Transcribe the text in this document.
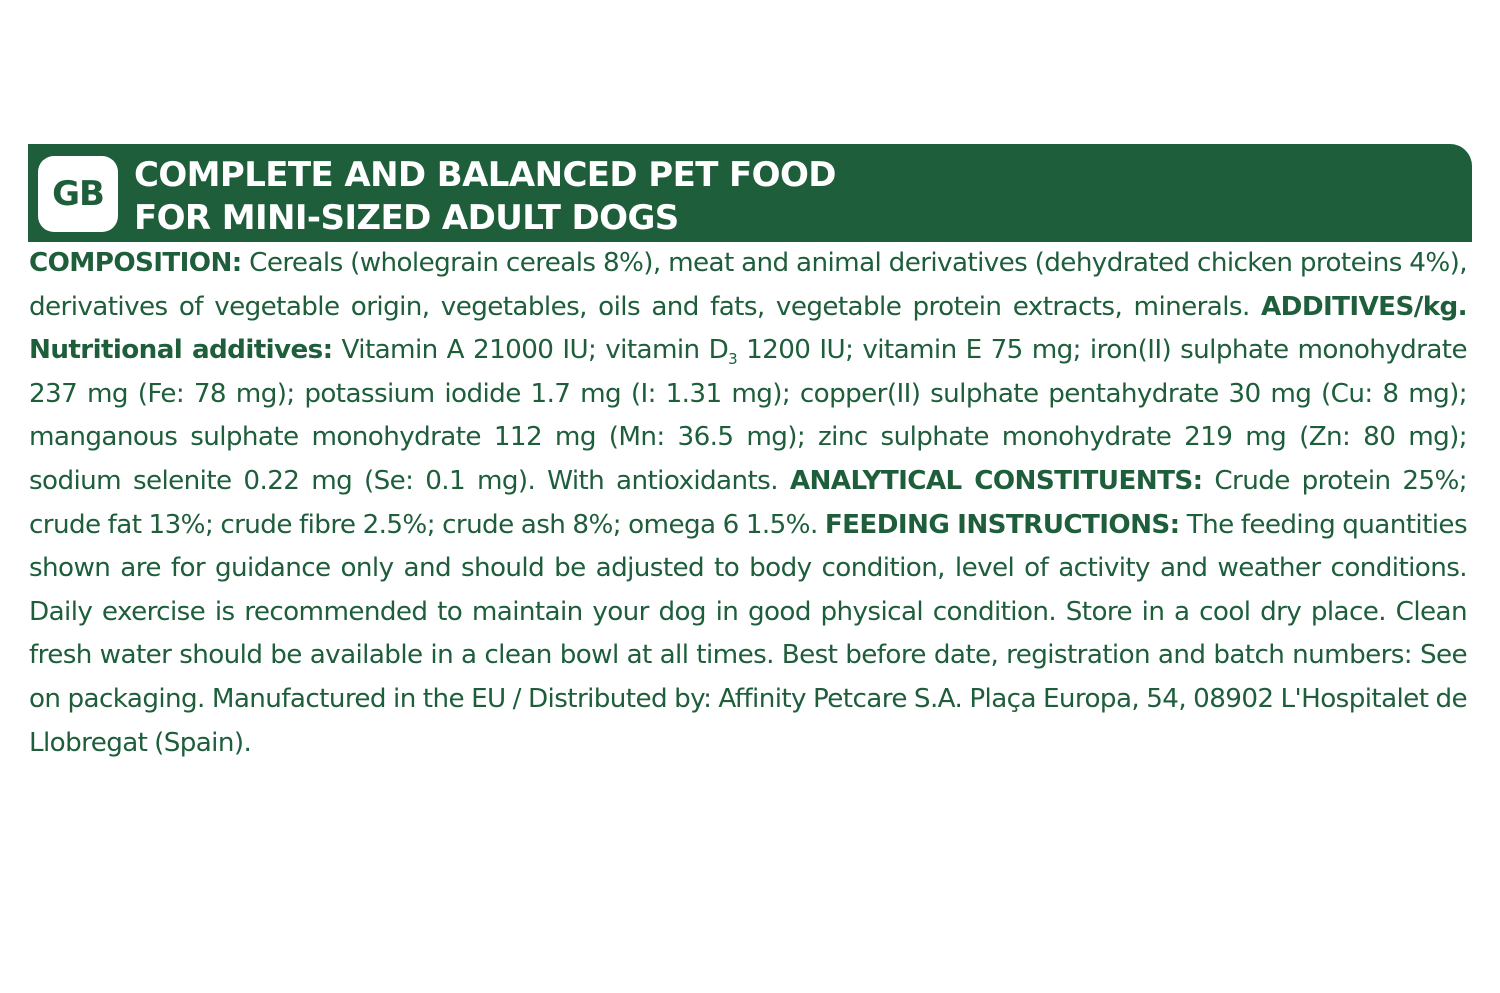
GB COMPLETE AND BALANCED PET FOOD
FOR MINI-SIZED ADULT DOGS
COMPOSITION: Cereals (wholegrain cereals 8%), meat and animal derivatives (dehydrated chicken proteins 4%), derivatives of vegetable origin, vegetables, oils and fats, vegetable protein extracts, minerals. ADDITIVES/kg. Nutritional additives: Vitamin A 21000 IU; vitamin $D_3$ 1200 IU; vitamin E 75 mg; iron(II) sulphate monohydrate 237 mg (Fe: 78 mg); potassium iodide 1.7 mg (I: 1.31 mg); copper(II) sulphate pentahydrate 30 mg (Cu: 8 mg); manganous sulphate monohydrate 112 mg (Mn: 36.5 mg); zinc sulphate monohydrate 219 mg (Zn: 80 mg); sodium selenite 0.22 mg (Se: 0.1 mg). With antioxidants. ANALYTICAL CONSTITUENTS: Crude protein 25%; crude fat 13%; crude fibre 2.5%; crude ash 8%; omega 6 1.5%. FEEDING INSTRUCTIONS: The feeding quantities shown are for guidance only and should be adjusted to body condition, level of activity and weather conditions. Daily exercise is recommended to maintain your dog in good physical condition. Store in a cool dry place. Clean fresh water should be available in a clean bowl at all times. Best before date, registration and batch numbers: See on packaging. Manufactured in the EU / Distributed by: Affinity Petcare S.A. Plaça Europa, 54, 08902 L'Hospitalet de Llobregat (Spain).
